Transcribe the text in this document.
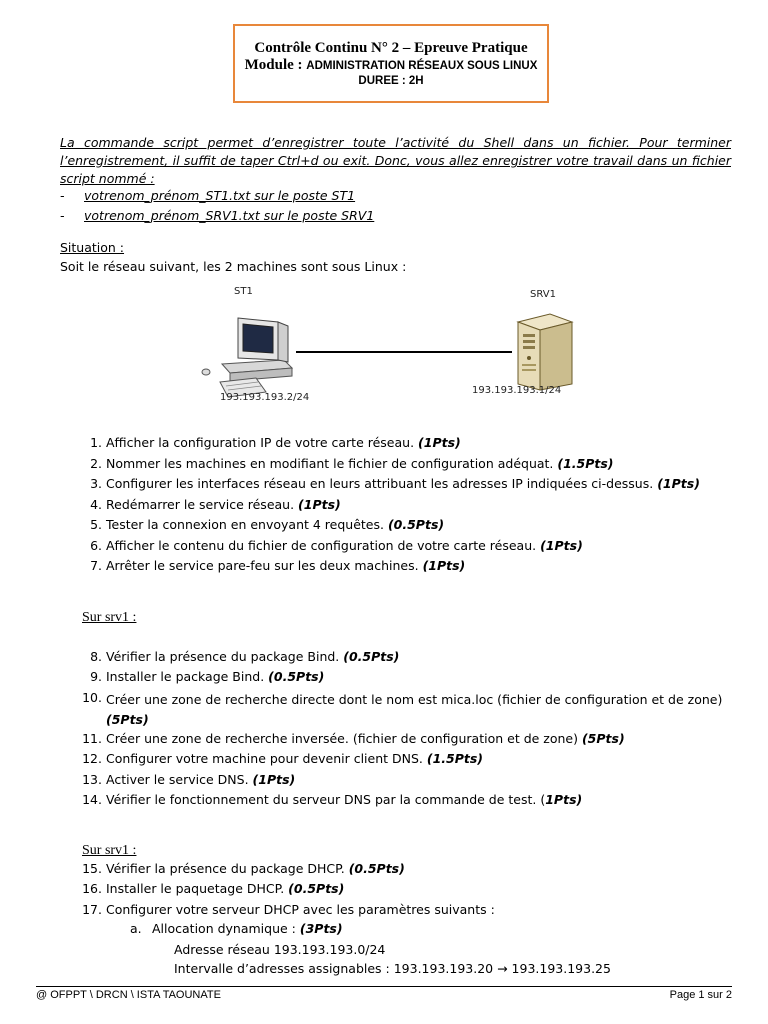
Contrôle Continu N° 2 – Epreuve Pratique
Module : ADMINISTRATION RÉSEAUX SOUS LINUX
DUREE : 2H

La commande script permet d’enregistrer toute l’activité du Shell dans un fichier. Pour terminer l’enregistrement, il suffit de taper Ctrl+d ou exit. Donc, vous allez enregistrer votre travail dans un fichier script nommé :

- votrenom_prénom_ST1.txt sur le poste ST1
- votrenom_prénom_SRV1.txt sur le poste SRV1
Situation :
Soit le réseau suivant, les 2 machines sont sous Linux :
ST1	SRV1
193.193.193.2/24
193.193.193.1/24
1. Afficher la configuration IP de votre carte réseau. (1Pts)
2. Nommer les machines en modifiant le fichier de configuration adéquat. (1.5Pts)
3. Configurer les interfaces réseau en leurs attribuant les adresses IP indiquées ci-dessus. (1Pts)
4. Redémarrer le service réseau. (1Pts)
5. Tester la connexion en envoyant 4 requêtes. (0.5Pts)
6. Afficher le contenu du fichier de configuration de votre carte réseau. (1Pts)
7. Arrêter le service pare-feu sur les deux machines. (1Pts)
Sur srv1 :
8. Vérifier la présence du package Bind. (0.5Pts)
9. Installer le package Bind. (0.5Pts)
10. Créer une zone de recherche directe dont le nom est mica.loc (fichier de configuration et de zone)
(5Pts)
11. Créer une zone de recherche inversée. (fichier de configuration et de zone) (5Pts)
12. Configurer votre machine pour devenir client DNS. (1.5Pts)
13. Activer le service DNS. (1Pts)
14. Vérifier le fonctionnement du serveur DNS par la commande de test. (1Pts)
Sur srv1 :
15. Vérifier la présence du package DHCP. (0.5Pts)
16. Installer le paquetage DHCP. (0.5Pts)
17. Configurer votre serveur DHCP avec les paramètres suivants :
a. Allocation dynamique : (3Pts)
Adresse réseau 193.193.193.0/24
Intervalle d’adresses assignables : 193.193.193.20 → 193.193.193.25
@ OFPPT \ DRCN \ ISTA TAOUNATE	Page 1 sur 2
